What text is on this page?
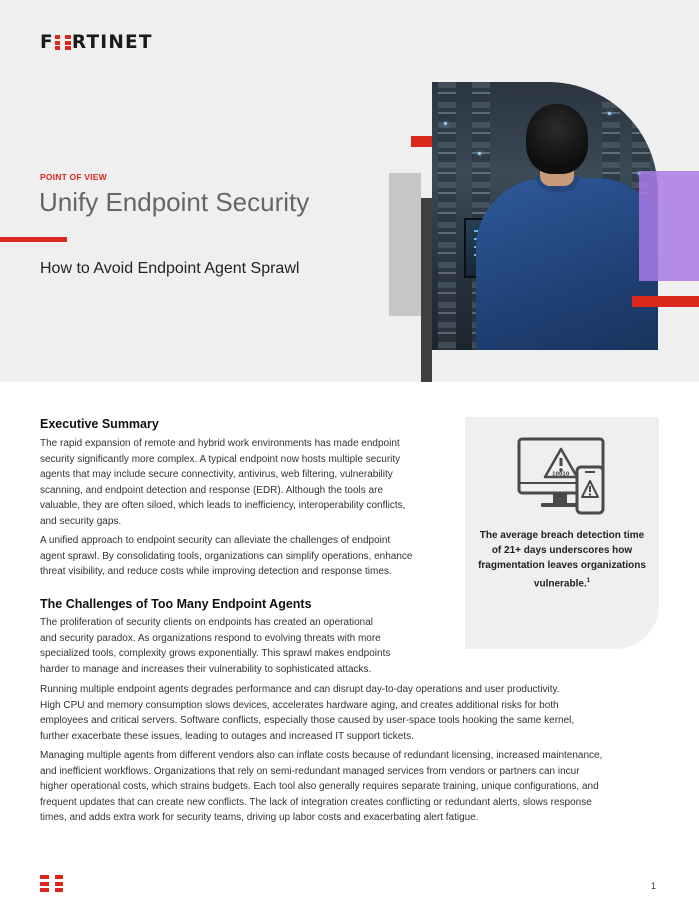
F RTINET
POINT OF VIEW
Unify Endpoint Security
How to Avoid Endpoint Agent Sprawl
Executive Summary
The rapid expansion of remote and hybrid work environments has made endpoint
security significantly more complex. A typical endpoint now hosts multiple security
agents that may include secure connectivity, antivirus, web filtering, vulnerability
scanning, and endpoint detection and response (EDR). Although the tools are
valuable, they are often siloed, which leads to inefficiency, interoperability conflicts,
and security gaps.
A unified approach to endpoint security can alleviate the challenges of endpoint
agent sprawl. By consolidating tools, organizations can simplify operations, enhance
threat visibility, and reduce costs while improving detection and response times.
The Challenges of Too Many Endpoint Agents
The proliferation of security clients on endpoints has created an operational
and security paradox. As organizations respond to evolving threats with more
specialized tools, complexity grows exponentially. This sprawl makes endpoints
harder to manage and increases their vulnerability to sophisticated attacks.
Running multiple endpoint agents degrades performance and can disrupt day-to-day operations and user productivity.
High CPU and memory consumption slows devices, accelerates hardware aging, and creates additional risks for both
employees and critical servers. Software conflicts, especially those caused by user-space tools hooking the same kernel,
further exacerbate these issues, leading to outages and increased IT support tickets.
Managing multiple agents from different vendors also can inflate costs because of redundant licensing, increased maintenance,
and inefficient workflows. Organizations that rely on semi-redundant managed services from vendors or partners can incur
higher operational costs, which strains budgets. Each tool also generally requires separate training, unique configurations, and
frequent updates that can create new conflicts. The lack of integration creates conflicting or redundant alerts, slows response
times, and adds extra work for security teams, driving up labor costs and exacerbating alert fatigue.
10010
The average breach detection time of 21+ days underscores how fragmentation leaves organizations vulnerable.$^1$
1
